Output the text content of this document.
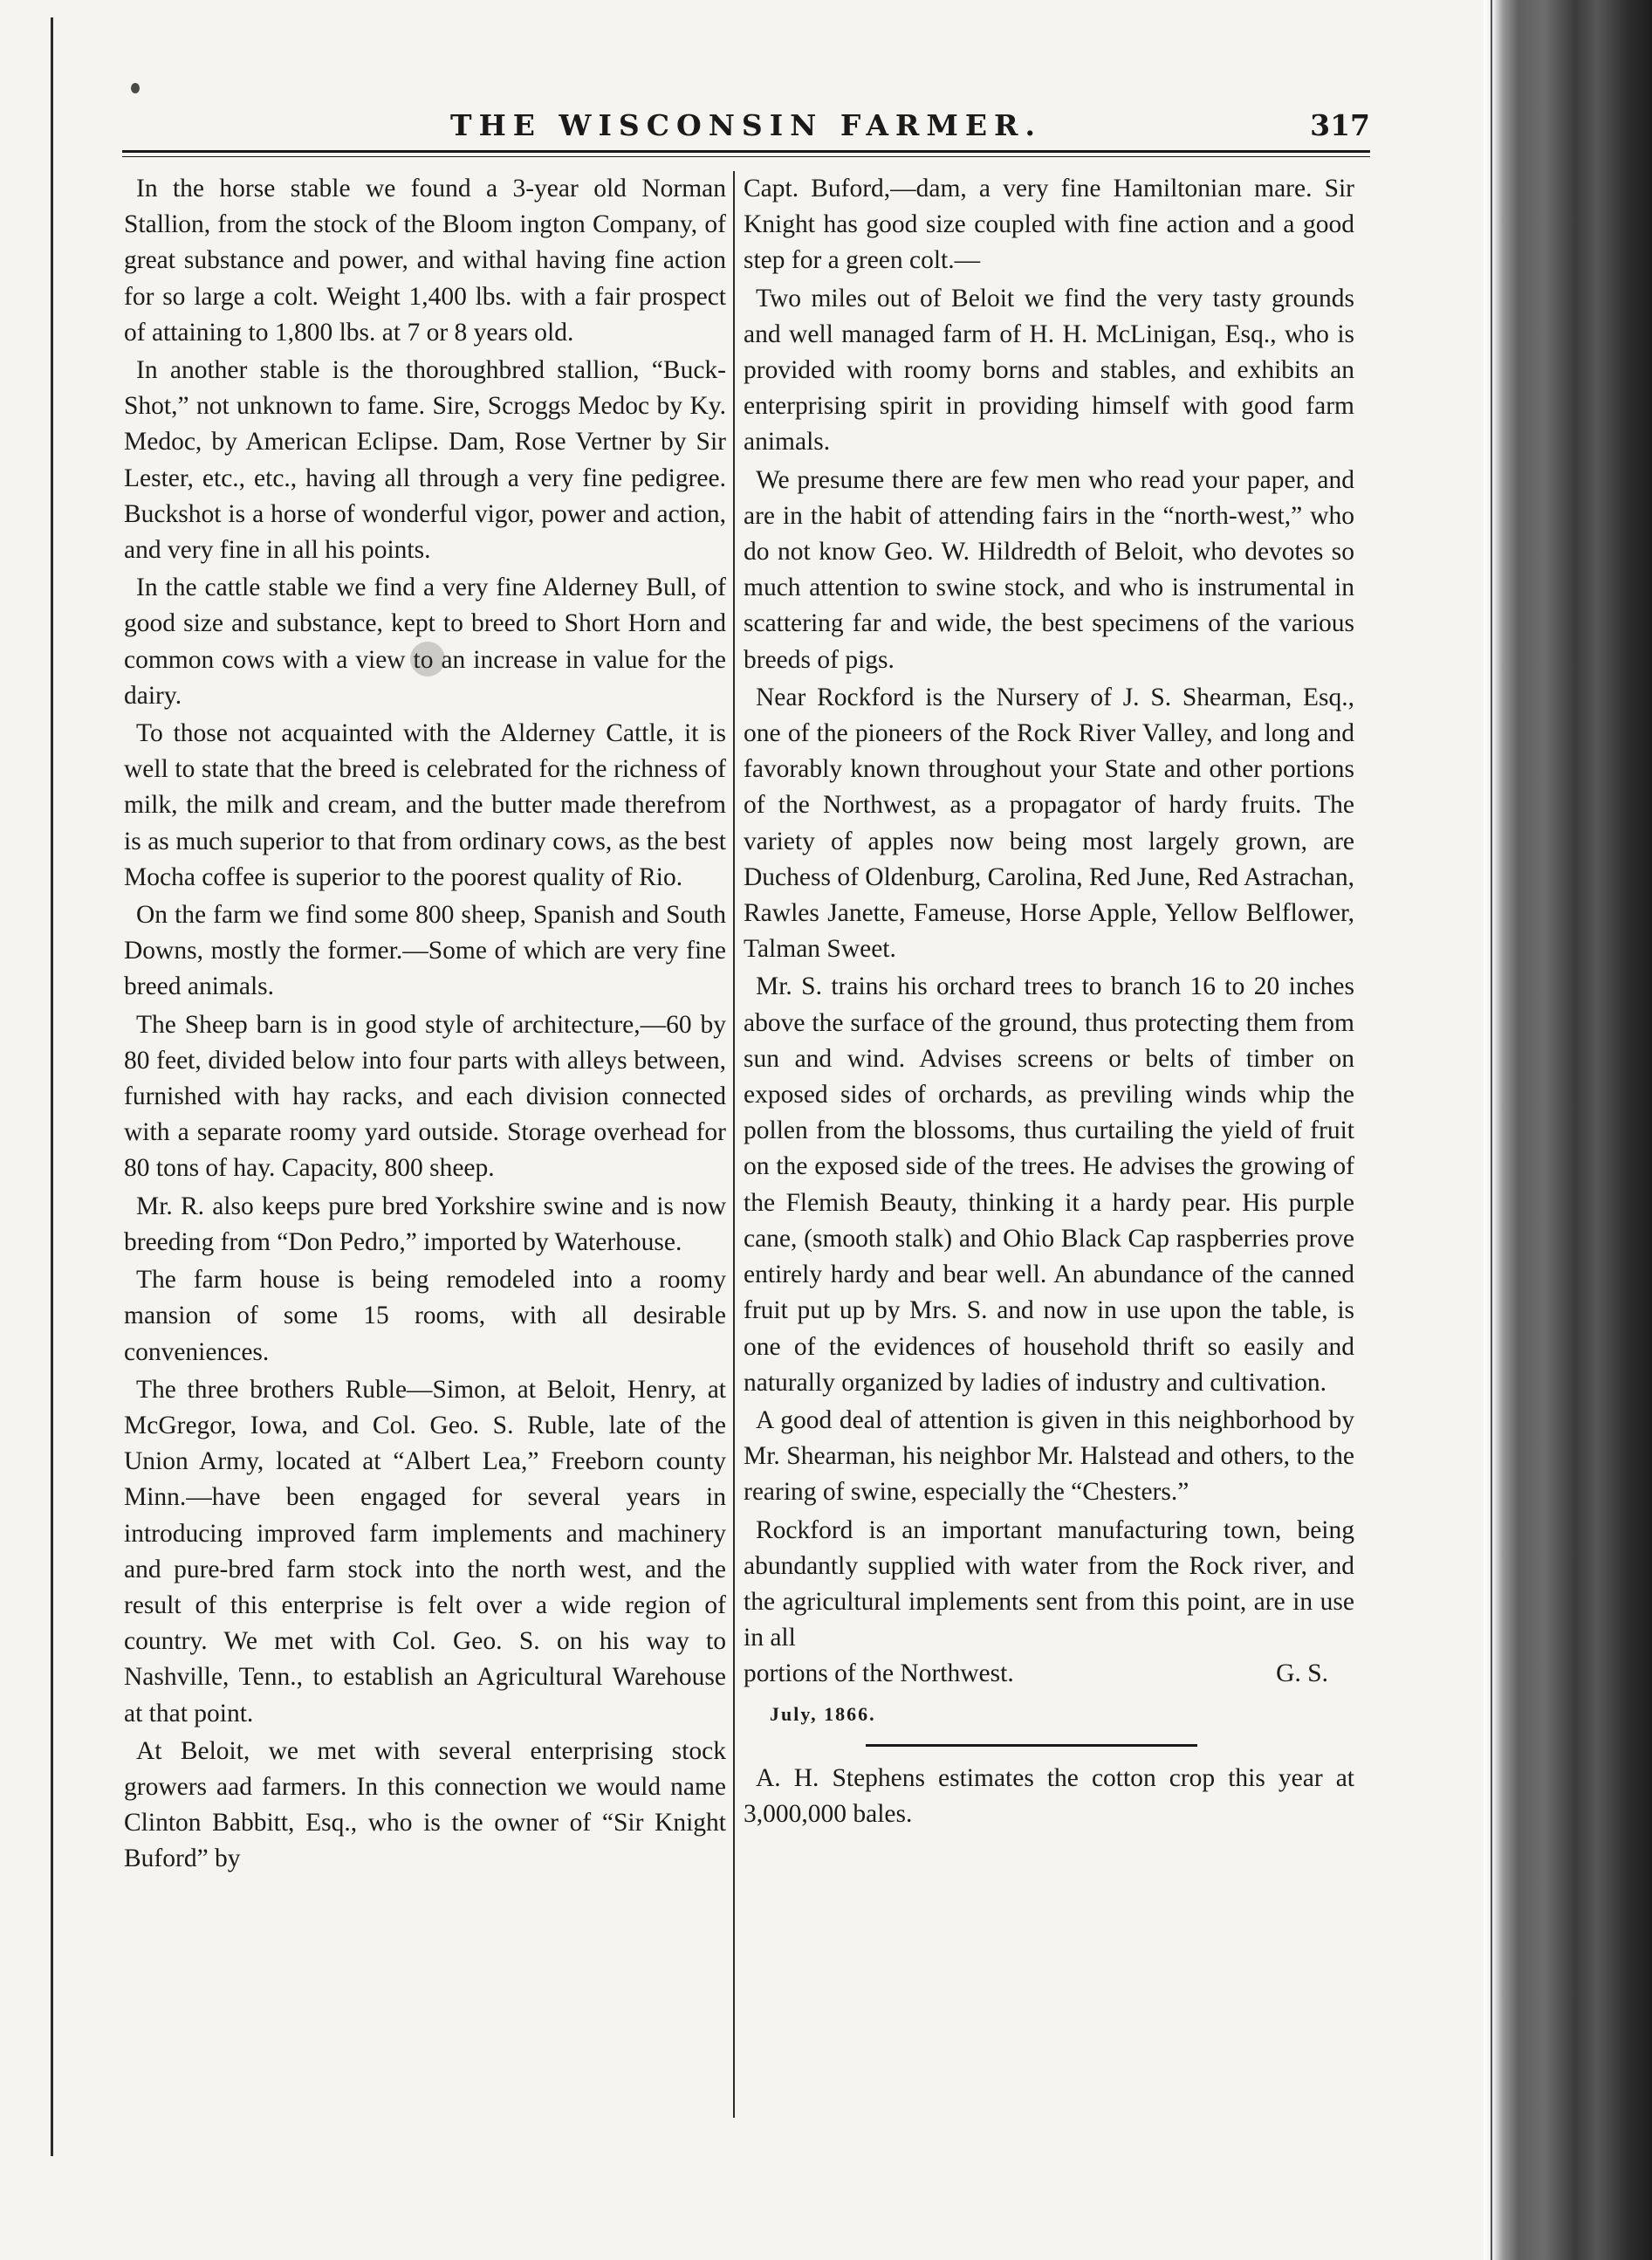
THE WISCONSIN FARMER.	317

In the horse stable we found a 3-year old Norman Stallion, from the stock of the Bloom ington Company, of great substance and power, and withal having fine action for so large a colt. Weight 1,400 lbs. with a fair prospect of attaining to 1,800 lbs. at 7 or 8 years old.

In another stable is the thoroughbred stallion, “Buck-Shot,” not unknown to fame. Sire, Scroggs Medoc by Ky. Medoc, by American Eclipse. Dam, Rose Vertner by Sir Lester, etc., etc., having all through a very fine pedigree. Buckshot is a horse of wonderful vigor, power and action, and very fine in all his points.

In the cattle stable we find a very fine Alderney Bull, of good size and substance, kept to breed to Short Horn and common cows with a view to an increase in value for the dairy.

To those not acquainted with the Alderney Cattle, it is well to state that the breed is celebrated for the richness of milk, the milk and cream, and the butter made therefrom is as much superior to that from ordinary cows, as the best Mocha coffee is superior to the poorest quality of Rio.

On the farm we find some 800 sheep, Spanish and South Downs, mostly the former.—Some of which are very fine breed animals.

The Sheep barn is in good style of architecture,—60 by 80 feet, divided below into four parts with alleys between, furnished with hay racks, and each division connected with a separate roomy yard outside. Storage overhead for 80 tons of hay. Capacity, 800 sheep.

Mr. R. also keeps pure bred Yorkshire swine and is now breeding from “Don Pedro,” imported by Waterhouse.

The farm house is being remodeled into a roomy mansion of some 15 rooms, with all desirable conveniences.

The three brothers Ruble—Simon, at Beloit, Henry, at McGregor, Iowa, and Col. Geo. S. Ruble, late of the Union Army, located at “Albert Lea,” Freeborn county Minn.—have been engaged for several years in introducing improved farm implements and machinery and pure-bred farm stock into the north west, and the result of this enterprise is felt over a wide region of country. We met with Col. Geo. S. on his way to Nashville, Tenn., to establish an Agricultural Warehouse at that point.

At Beloit, we met with several enterprising stock growers aad farmers. In this connection we would name Clinton Babbitt, Esq., who is the owner of “Sir Knight Buford” by

Capt. Buford,—dam, a very fine Hamiltonian mare. Sir Knight has good size coupled with fine action and a good step for a green colt.—

Two miles out of Beloit we find the very tasty grounds and well managed farm of H. H. McLinigan, Esq., who is provided with roomy borns and stables, and exhibits an enterprising spirit in providing himself with good farm animals.

We presume there are few men who read your paper, and are in the habit of attending fairs in the “north-west,” who do not know Geo. W. Hildredth of Beloit, who devotes so much attention to swine stock, and who is instrumental in scattering far and wide, the best specimens of the various breeds of pigs.

Near Rockford is the Nursery of J. S. Shearman, Esq., one of the pioneers of the Rock River Valley, and long and favorably known throughout your State and other portions of the Northwest, as a propagator of hardy fruits. The variety of apples now being most largely grown, are Duchess of Oldenburg, Carolina, Red June, Red Astrachan, Rawles Janette, Fameuse, Horse Apple, Yellow Belflower, Talman Sweet.

Mr. S. trains his orchard trees to branch 16 to 20 inches above the surface of the ground, thus protecting them from sun and wind. Advises screens or belts of timber on exposed sides of orchards, as previling winds whip the pollen from the blossoms, thus curtailing the yield of fruit on the exposed side of the trees. He advises the growing of the Flemish Beauty, thinking it a hardy pear. His purple cane, (smooth stalk) and Ohio Black Cap raspberries prove entirely hardy and bear well. An abundance of the canned fruit put up by Mrs. S. and now in use upon the table, is one of the evidences of household thrift so easily and naturally organized by ladies of industry and cultivation.

A good deal of attention is given in this neighborhood by Mr. Shearman, his neighbor Mr. Halstead and others, to the rearing of swine, especially the “Chesters.”

Rockford is an important manufacturing town, being abundantly supplied with water from the Rock river, and the agricultural implements sent from this point, are in use in all

portions of the Northwest.	G. S.
July, 1866.

A. H. Stephens estimates the cotton crop this year at 3,000,000 bales.
